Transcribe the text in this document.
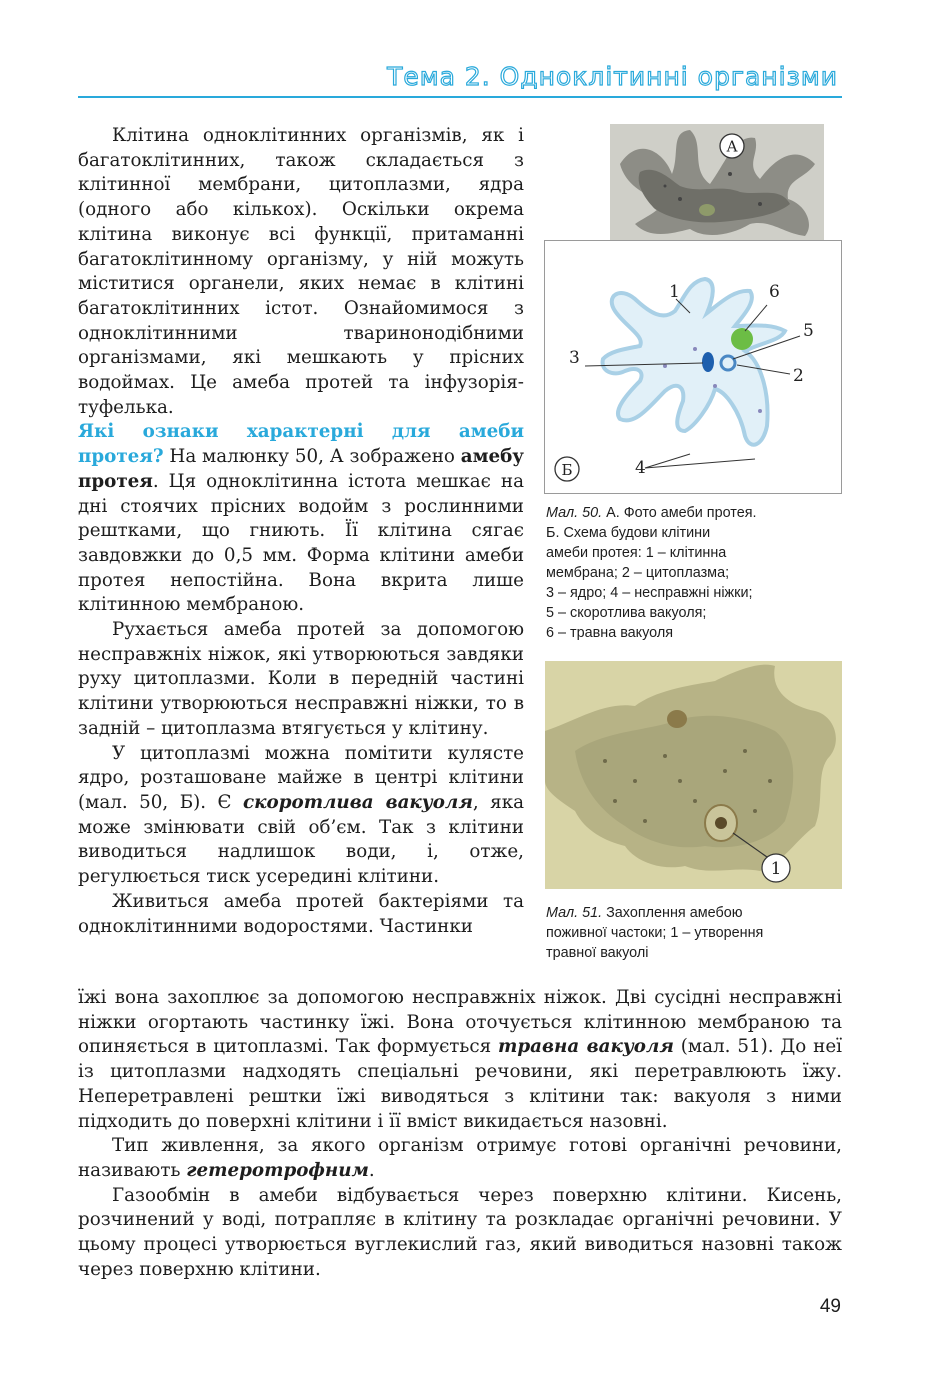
Тема 2. Одноклітинні організми

Клітина одноклітинних організмів, як і багатоклітинних, також складається з клітинної мембрани, цитоплазми, ядра (одного або кількох). Оскільки окрема клітина виконує всі функції, притаманні багатоклітинному організму, у ній можуть міститися органели, яких немає в клітині багатоклітинних істот. Ознайомимося з одноклітинними тваринонодібними організмами, які мешкають у прісних водоймах. Це амеба протей та інфузорія-туфелька.

Які ознаки характерні для амеби протея? На малюнку 50, А зображено амебу протея. Ця одноклітинна істота мешкає на дні стоячих прісних водойм з рослинними рештками, що гниють. Її клітина сягає завдовжки до 0,5 мм. Форма клітини амеби протея непостійна. Вона вкрита лише клітинною мембраною.

Рухається амеба протей за допомогою несправжніх ніжок, які утворюються завдяки руху цитоплазми. Коли в передній частині клітини утворюються несправжні ніжки, то в задній – цитоплазма втягується у клітину.

У цитоплазмі можна помітити кулясте ядро, розташоване майже в центрі клітини (мал. 50, Б). Є скоротлива вакуоля, яка може змінювати свій об’єм. Так з клітини виводиться надлишок води, і, отже, регулюється тиск усередині клітини.

Живиться амеба протей бактеріями та одноклітинними водоростями. Частинки

їжі вона захоплює за допомогою несправжніх ніжок. Дві сусідні несправжні ніжки огортають частинку їжі. Вона оточується клітинною мембраною та опиняється в цитоплазмі. Так формується травна вакуоля (мал. 51). До неї із цитоплазми надходять спеціальні речовини, які перетравлюють їжу. Неперетравлені рештки їжі виводяться з клітини так: вакуоля з ними підходить до поверхні клітини і її вміст викидається назовні.

Тип живлення, за якого організм отримує готові органічні речовини, називають гетеротрофним.

Газообмін в амеби відбувається через поверхню клітини. Кисень, розчинений у воді, потрапляє в клітину та розкладає органічні речовини. У цьому процесі утворюється вуглекислий газ, який виводиться назовні також через поверхню клітини.

А
1
2
3
4
5
6
Б
Мал. 50. А. Фото амеби протея.
Б. Схема будови клітини
амеби протея: 1 – клітинна
мембрана; 2 – цитоплазма;
3 – ядро; 4 – несправжні ніжки;
5 – скоротлива вакуоля;
6 – травна вакуоля
1
Мал. 51. Захоплення амебою
поживної частоки; 1 – утворення
травної вакуолі
49
